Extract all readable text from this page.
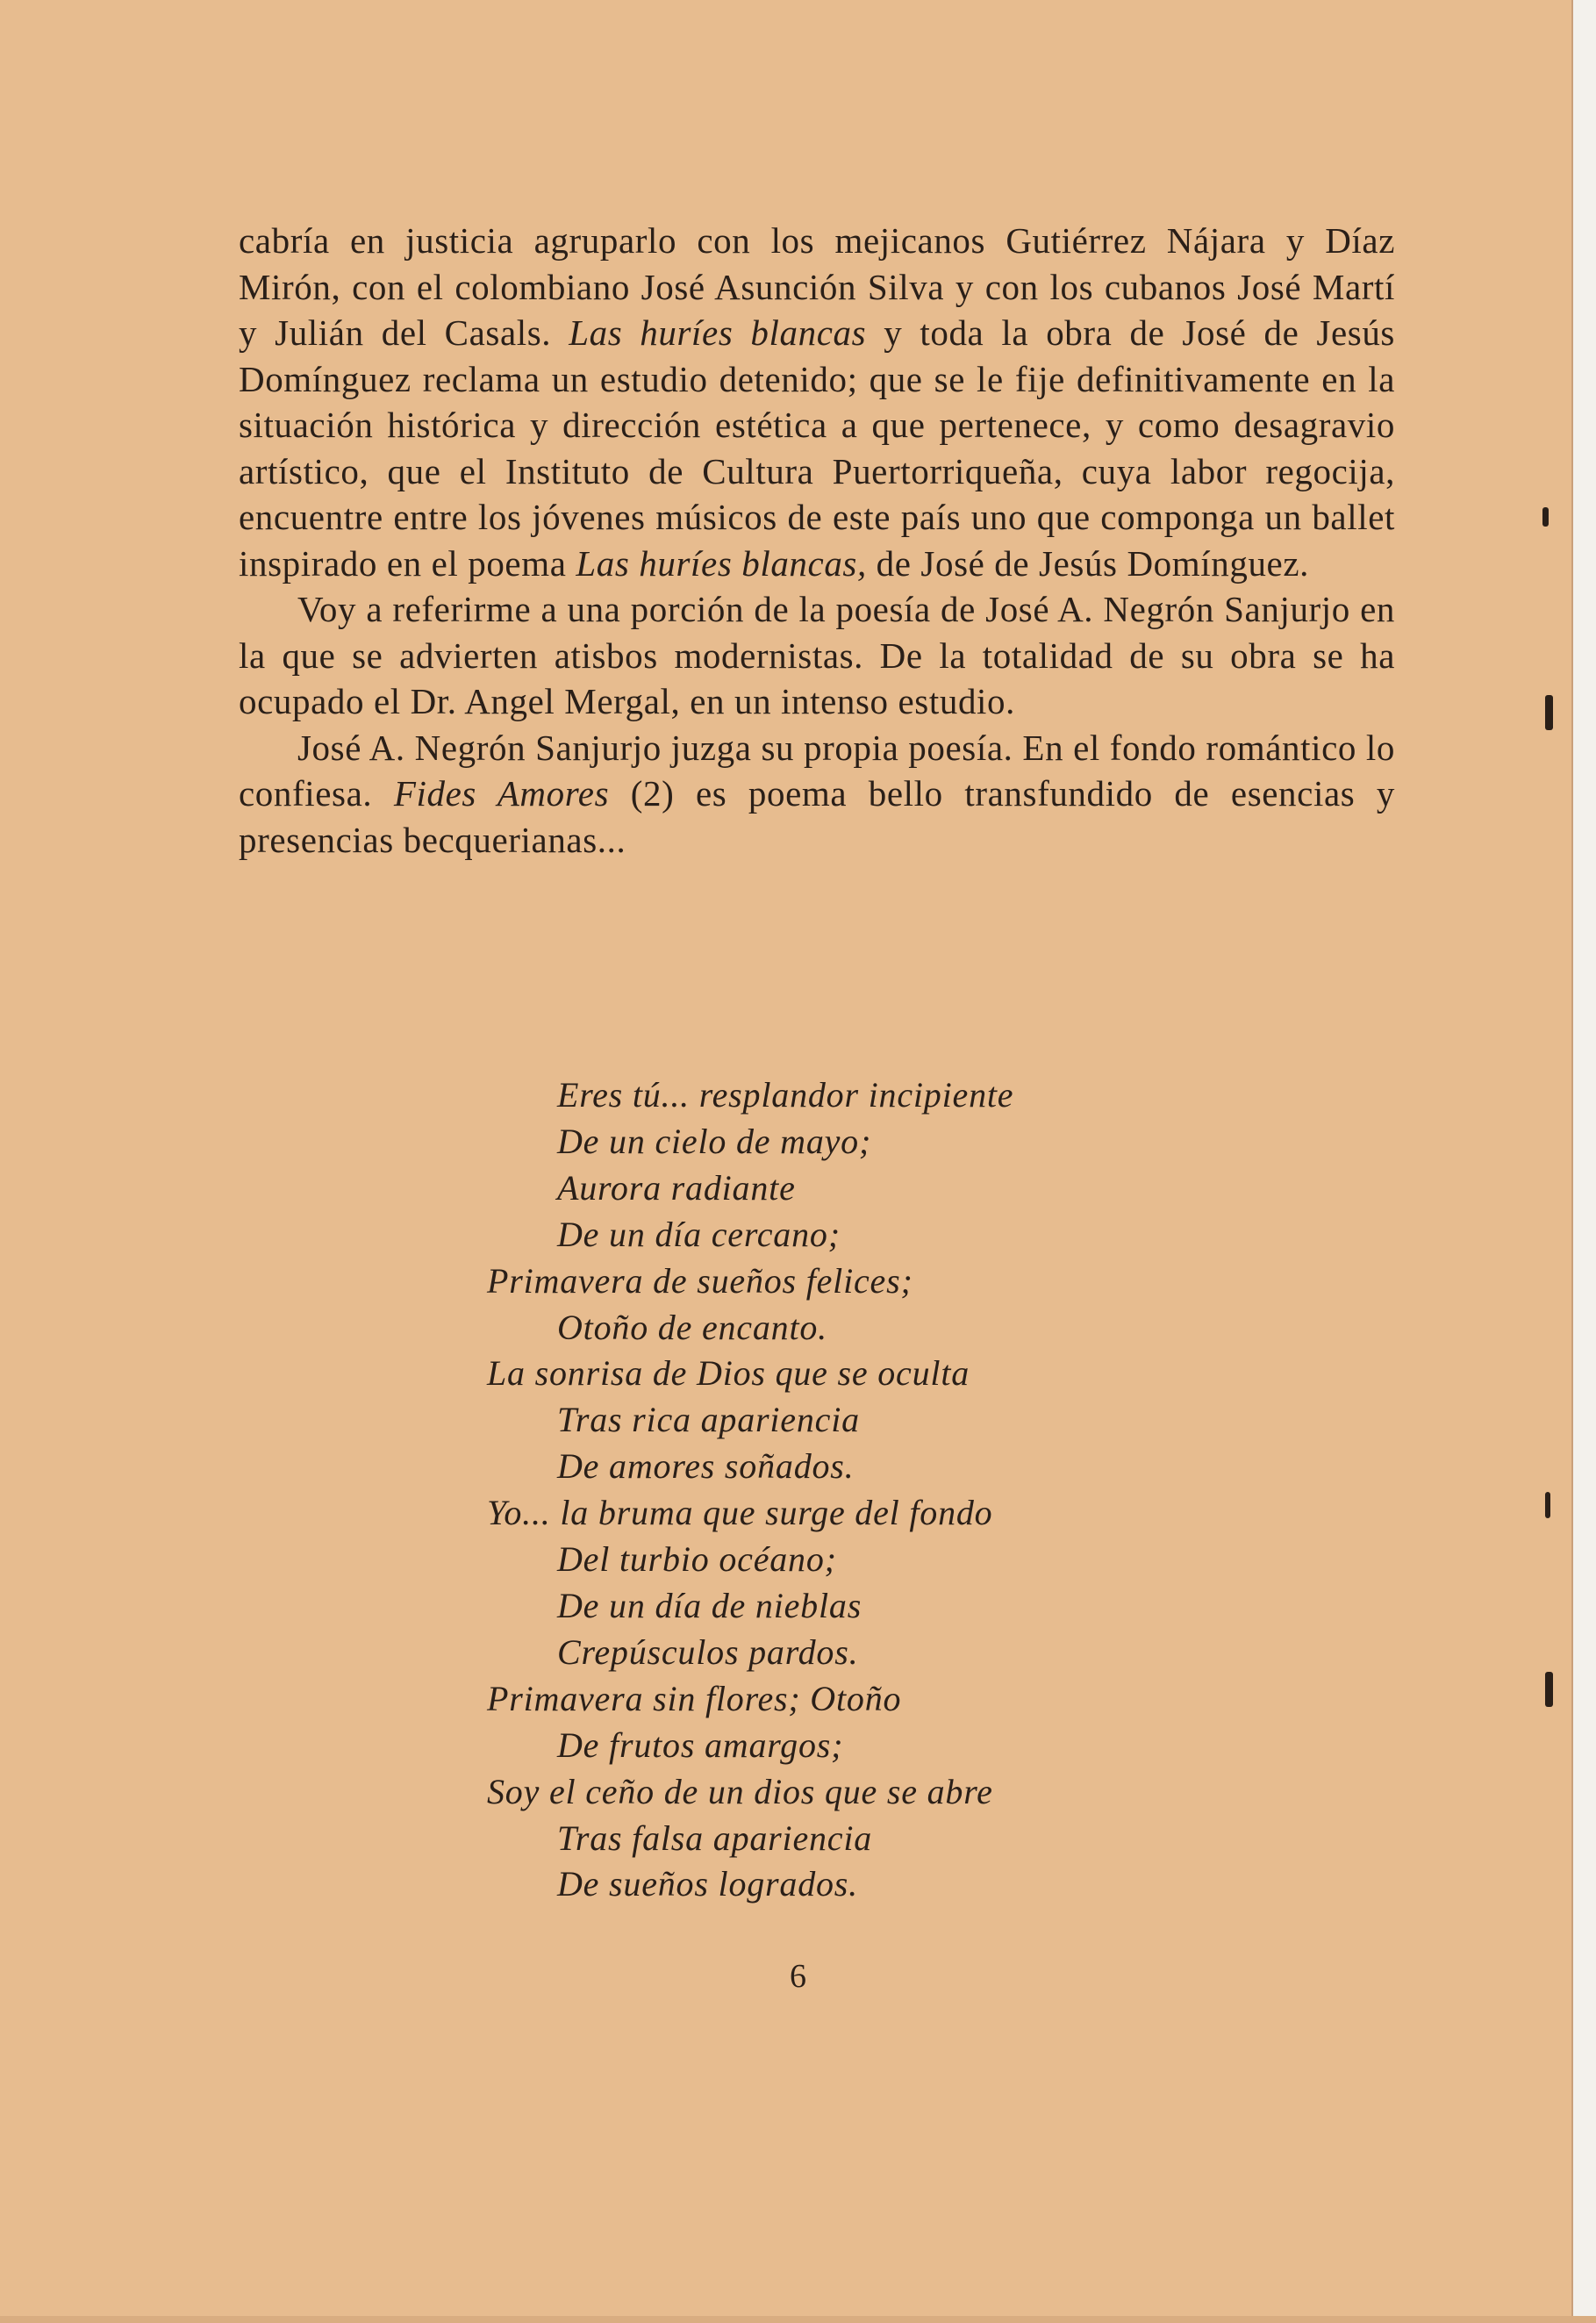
cabría en justicia agruparlo con los mejicanos Gutiérrez Nájara y Díaz Mirón, con el colombiano José Asunción Silva y con los cubanos José Martí y Julián del Casals. Las huríes blancas y toda la obra de José de Jesús Domínguez reclama un estudio detenido; que se le fije definitivamente en la situación histórica y dirección estética a que pertenece, y como desagravio artístico, que el Instituto de Cultura Puertorriqueña, cuya labor regocija, encuentre entre los jóvenes músicos de este país uno que componga un ballet inspirado en el poema Las huríes blancas, de José de Jesús Domínguez.

Voy a referirme a una porción de la poesía de José A. Negrón Sanjurjo en la que se advierten atisbos modernistas. De la totalidad de su obra se ha ocupado el Dr. Angel Mergal, en un intenso estudio.

José A. Negrón Sanjurjo juzga su propia poesía. En el fondo romántico lo confiesa. Fides Amores (2) es poema bello transfundido de esencias y presencias becquerianas...

Eres tú... resplandor incipiente
De un cielo de mayo;
Aurora radiante
De un día cercano;
Primavera de sueños felices;
Otoño de encanto.
La sonrisa de Dios que se oculta
Tras rica apariencia
De amores soñados.
Yo... la bruma que surge del fondo
Del turbio océano;
De un día de nieblas
Crepúsculos pardos.
Primavera sin flores; Otoño
De frutos amargos;
Soy el ceño de un dios que se abre
Tras falsa apariencia
De sueños logrados.
6
